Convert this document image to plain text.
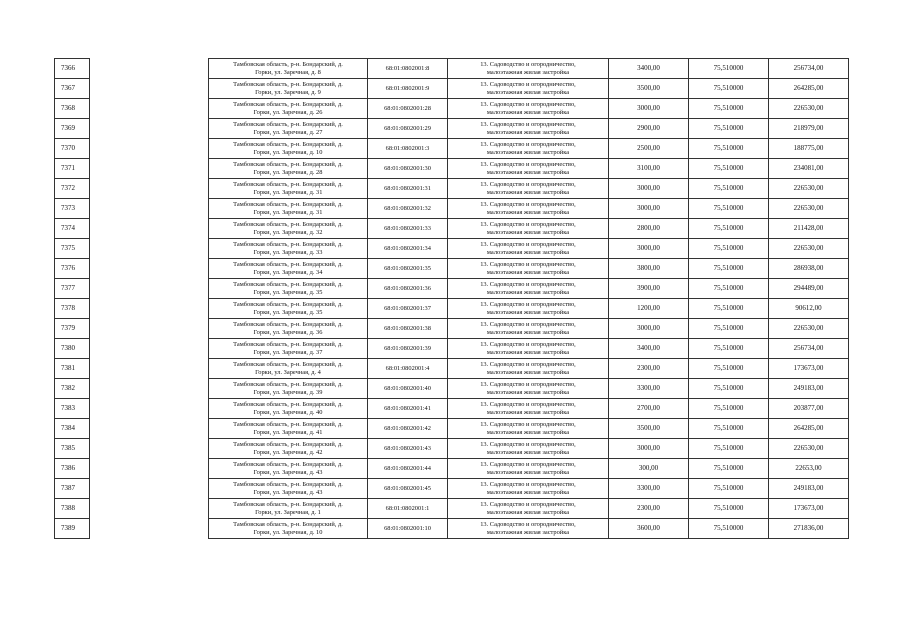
7366		Тамбовская область, р-н. Бондарский, д.
Горки, ул. Заречная, д. 8	68:01:0802001:8	13. Садоводство и огородничество,
малоэтажная жилая застройка	3400,00	75,510000	256734,00
7367		Тамбовская область, р-н. Бондарский, д.
Горки, ул. Заречная, д. 9	68:01:0802001:9	13. Садоводство и огородничество,
малоэтажная жилая застройка	3500,00	75,510000	264285,00
7368		Тамбовская область, р-н. Бондарский, д.
Горки, ул. Заречная, д. 26	68:01:0802001:28	13. Садоводство и огородничество,
малоэтажная жилая застройка	3000,00	75,510000	226530,00
7369		Тамбовская область, р-н. Бондарский, д.
Горки, ул. Заречная, д. 27	68:01:0802001:29	13. Садоводство и огородничество,
малоэтажная жилая застройка	2900,00	75,510000	218979,00
7370		Тамбовская область, р-н. Бондарский, д.
Горки, ул. Заречная, д. 10	68:01:0802001:3	13. Садоводство и огородничество,
малоэтажная жилая застройка	2500,00	75,510000	188775,00
7371		Тамбовская область, р-н. Бондарский, д.
Горки, ул. Заречная, д. 28	68:01:0802001:30	13. Садоводство и огородничество,
малоэтажная жилая застройка	3100,00	75,510000	234081,00
7372		Тамбовская область, р-н. Бондарский, д.
Горки, ул. Заречная, д. 31	68:01:0802001:31	13. Садоводство и огородничество,
малоэтажная жилая застройка	3000,00	75,510000	226530,00
7373		Тамбовская область, р-н. Бондарский, д.
Горки, ул. Заречная, д. 31	68:01:0802001:32	13. Садоводство и огородничество,
малоэтажная жилая застройка	3000,00	75,510000	226530,00
7374		Тамбовская область, р-н. Бондарский, д.
Горки, ул. Заречная, д. 32	68:01:0802001:33	13. Садоводство и огородничество,
малоэтажная жилая застройка	2800,00	75,510000	211428,00
7375		Тамбовская область, р-н. Бондарский, д.
Горки, ул. Заречная, д. 33	68:01:0802001:34	13. Садоводство и огородничество,
малоэтажная жилая застройка	3000,00	75,510000	226530,00
7376		Тамбовская область, р-н. Бондарский, д.
Горки, ул. Заречная, д. 34	68:01:0802001:35	13. Садоводство и огородничество,
малоэтажная жилая застройка	3800,00	75,510000	286938,00
7377		Тамбовская область, р-н. Бондарский, д.
Горки, ул. Заречная, д. 35	68:01:0802001:36	13. Садоводство и огородничество,
малоэтажная жилая застройка	3900,00	75,510000	294489,00
7378		Тамбовская область, р-н. Бондарский, д.
Горки, ул. Заречная, д. 35	68:01:0802001:37	13. Садоводство и огородничество,
малоэтажная жилая застройка	1200,00	75,510000	90612,00
7379		Тамбовская область, р-н. Бондарский, д.
Горки, ул. Заречная, д. 36	68:01:0802001:38	13. Садоводство и огородничество,
малоэтажная жилая застройка	3000,00	75,510000	226530,00
7380		Тамбовская область, р-н. Бондарский, д.
Горки, ул. Заречная, д. 37	68:01:0802001:39	13. Садоводство и огородничество,
малоэтажная жилая застройка	3400,00	75,510000	256734,00
7381		Тамбовская область, р-н. Бондарский, д.
Горки, ул. Заречная, д. 4	68:01:0802001:4	13. Садоводство и огородничество,
малоэтажная жилая застройка	2300,00	75,510000	173673,00
7382		Тамбовская область, р-н. Бондарский, д.
Горки, ул. Заречная, д. 39	68:01:0802001:40	13. Садоводство и огородничество,
малоэтажная жилая застройка	3300,00	75,510000	249183,00
7383		Тамбовская область, р-н. Бондарский, д.
Горки, ул. Заречная, д. 40	68:01:0802001:41	13. Садоводство и огородничество,
малоэтажная жилая застройка	2700,00	75,510000	203877,00
7384		Тамбовская область, р-н. Бондарский, д.
Горки, ул. Заречная, д. 41	68:01:0802001:42	13. Садоводство и огородничество,
малоэтажная жилая застройка	3500,00	75,510000	264285,00
7385		Тамбовская область, р-н. Бондарский, д.
Горки, ул. Заречная, д. 42	68:01:0802001:43	13. Садоводство и огородничество,
малоэтажная жилая застройка	3000,00	75,510000	226530,00
7386		Тамбовская область, р-н. Бондарский, д.
Горки, ул. Заречная, д. 43	68:01:0802001:44	13. Садоводство и огородничество,
малоэтажная жилая застройка	300,00	75,510000	22653,00
7387		Тамбовская область, р-н. Бондарский, д.
Горки, ул. Заречная, д. 43	68:01:0802001:45	13. Садоводство и огородничество,
малоэтажная жилая застройка	3300,00	75,510000	249183,00
7388		Тамбовская область, р-н. Бондарский, д.
Горки, ул. Заречная, д. 1	68:01:0802001:1	13. Садоводство и огородничество,
малоэтажная жилая застройка	2300,00	75,510000	173673,00
7389		Тамбовская область, р-н. Бондарский, д.
Горки, ул. Заречная, д. 10	68:01:0802001:10	13. Садоводство и огородничество,
малоэтажная жилая застройка	3600,00	75,510000	271836,00
